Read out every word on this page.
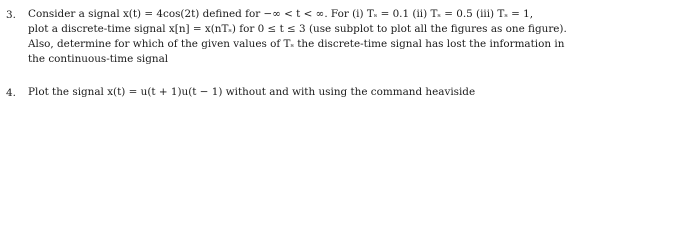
3. Consider a signal x(t) = 4cos(2t) defined for −∞ < t < ∞. For (i) Tₛ = 0.1 (ii) Tₛ = 0.5 (iii) Tₛ = 1,
plot a discrete-time signal x[n] = x(nTₛ) for 0 ≤ t ≤ 3 (use subplot to plot all the figures as one figure).
Also, determine for which of the given values of Tₛ the discrete-time signal has lost the information in
the continuous-time signal
4. Plot the signal x(t) = u(t + 1)u(t − 1) without and with using the command heaviside
